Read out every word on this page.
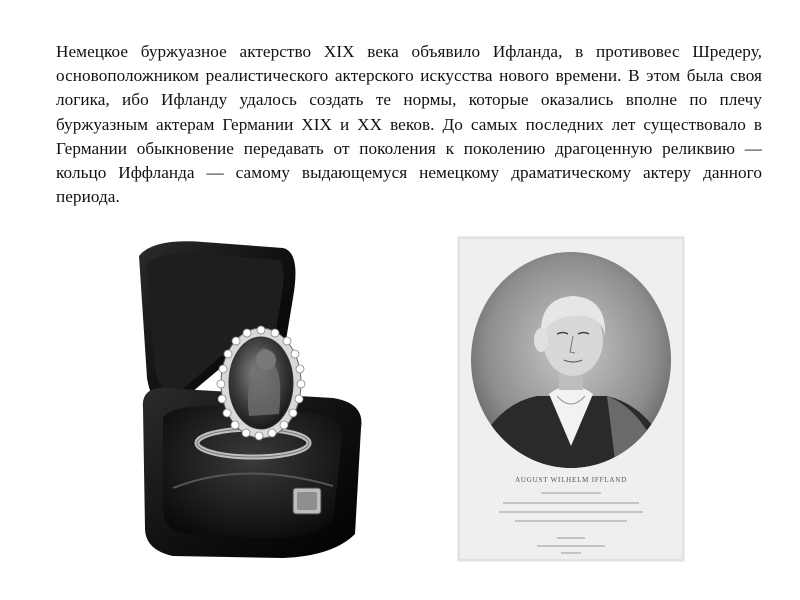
Немецкое буржуазное актерство XIX века объявило Ифланда, в противовес Шредеру, основоположником реалистического актерского искусства нового времени. В этом была своя логика, ибо Ифланду удалось создать те нормы, которые оказались вполне по плечу буржуазным актерам Германии XIX и XX веков. До самых последних лет существовало в Германии обыкновение передавать от поколения к поколению драгоценную реликвию — кольцо Иффланда — самому выдающемуся немецкому драматическому актеру данного периода.

AUGUST WILHELM IFFLAND
